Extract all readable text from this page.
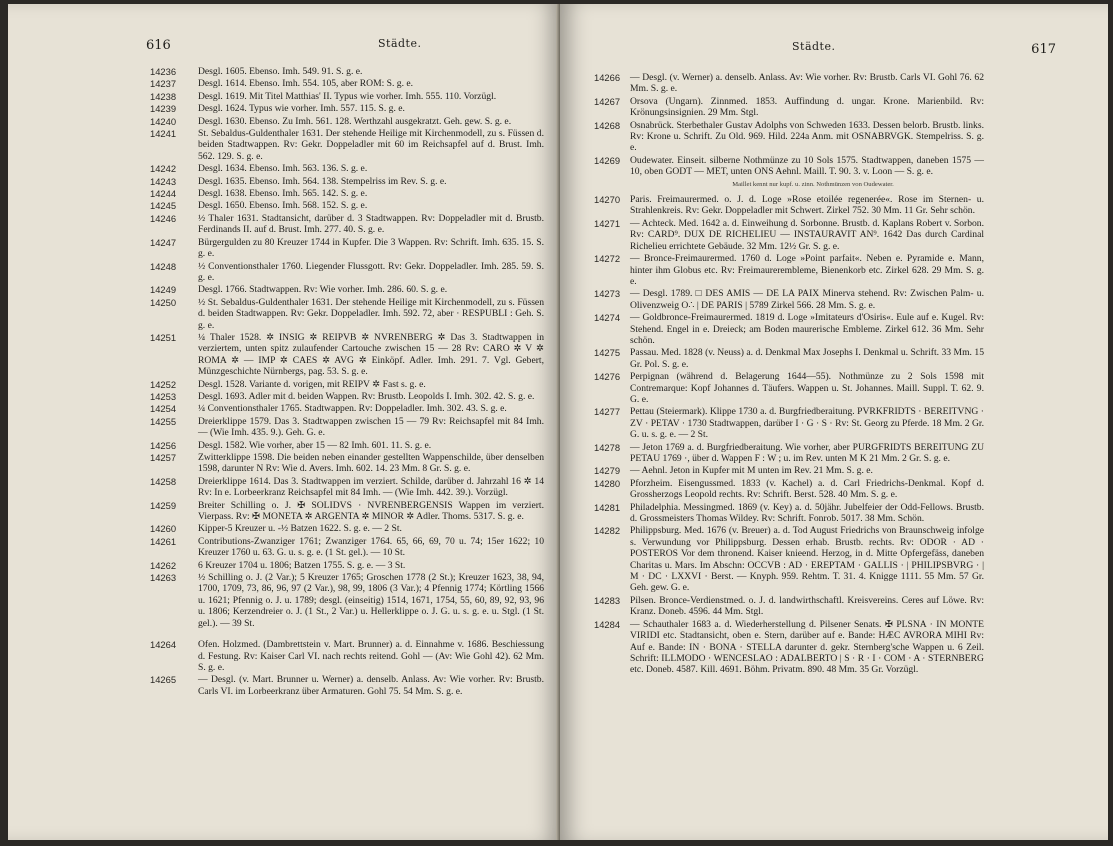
616	Städte.
14236 Desgl. 1605. Ebenso. Imh. 549. 91. S. g. e.
14237 Desgl. 1614. Ebenso. Imh. 554. 105, aber ROM: S. g. e.
14238 Desgl. 1619. Mit Titel Matthias' II. Typus wie vorher. Imh. 555. 110. Vorzügl.
14239 Desgl. 1624. Typus wie vorher. Imh. 557. 115. S. g. e.
14240 Desgl. 1630. Ebenso. Zu Imh. 561. 128. Werthzahl ausgekratzt. Geh. gew. S. g. e.
14241 St. Sebaldus-Guldenthaler 1631. Der stehende Heilige mit Kirchenmodell, zu s. Füssen d. beiden Stadtwappen. Rv: Gekr. Doppeladler mit 60 im Reichsapfel auf d. Brust. Imh. 562. 129. S. g. e.
14242 Desgl. 1634. Ebenso. Imh. 563. 136. S. g. e.
14243 Desgl. 1635. Ebenso. Imh. 564. 138. Stempelriss im Rev. S. g. e.
14244 Desgl. 1638. Ebenso. Imh. 565. 142. S. g. e.
14245 Desgl. 1650. Ebenso. Imh. 568. 152. S. g. e.
14246 ½ Thaler 1631. Stadtansicht, darüber d. 3 Stadtwappen. Rv: Doppeladler mit d. Brustb. Ferdinands II. auf d. Brust. Imh. 277. 40. S. g. e.
14247 Bürgergulden zu 80 Kreuzer 1744 in Kupfer. Die 3 Wappen. Rv: Schrift. Imh. 635. 15. S. g. e.
14248 ½ Conventionsthaler 1760. Liegender Flussgott. Rv: Gekr. Doppeladler. Imh. 285. 59. S. g. e.
14249 Desgl. 1766. Stadtwappen. Rv: Wie vorher. Imh. 286. 60. S. g. e.
14250 ½ St. Sebaldus-Guldenthaler 1631. Der stehende Heilige mit Kirchenmodell, zu s. Füssen d. beiden Stadtwappen. Rv: Gekr. Doppeladler. Imh. 592. 72, aber · RESPUBLI : Geh. S. g. e.
14251 ¼ Thaler 1528. ✲ INSIG ✲ REIPVB ✲ NVRENBERG ✲ Das 3. Stadtwappen in verziertem, unten spitz zulaufender Cartouche zwischen 15 — 28 Rv: CARO ✲ V ✲ ROMA ✲ — IMP ✲ CAES ✲ AVG ✲ Einköpf. Adler. Imh. 291. 7. Vgl. Gebert, Münzgeschichte Nürnbergs, pag. 53. S. g. e.
14252 Desgl. 1528. Variante d. vorigen, mit REIPV ✲ Fast s. g. e.
14253 Desgl. 1693. Adler mit d. beiden Wappen. Rv: Brustb. Leopolds I. Imh. 302. 42. S. g. e.
14254 ¼ Conventionsthaler 1765. Stadtwappen. Rv: Doppeladler. Imh. 302. 43. S. g. e.
14255 Dreierklippe 1579. Das 3. Stadtwappen zwischen 15 — 79 Rv: Reichsapfel mit 84 Imh. — (Wie Imh. 435. 9.). Geh. G. e.
14256 Desgl. 1582. Wie vorher, aber 15 — 82 Imh. 601. 11. S. g. e.
14257 Zwitterklippe 1598. Die beiden neben einander gestellten Wappenschilde, über denselben 1598, darunter N Rv: Wie d. Avers. Imh. 602. 14. 23 Mm. 8 Gr. S. g. e.
14258 Dreierklippe 1614. Das 3. Stadtwappen im verziert. Schilde, darüber d. Jahrzahl 16 ✲ 14 Rv: In e. Lorbeerkranz Reichsapfel mit 84 Imh. — (Wie Imh. 442. 39.). Vorzügl.
14259 Breiter Schilling o. J. ✠ SOLIDVS · NVRENBERGENSIS Wappen im verziert. Vierpass. Rv: ✠ MONETA ✲ ARGENTA ✲ MINOR ✲ Adler. Thoms. 5317. S. g. e.
14260 Kipper-5 Kreuzer u. -½ Batzen 1622. S. g. e. — 2 St.
14261 Contributions-Zwanziger 1761; Zwanziger 1764. 65, 66, 69, 70 u. 74; 15er 1622; 10 Kreuzer 1760 u. 63. G. u. s. g. e. (1 St. gel.). — 10 St.
14262 6 Kreuzer 1704 u. 1806; Batzen 1755. S. g. e. — 3 St.
14263 ½ Schilling o. J. (2 Var.); 5 Kreuzer 1765; Groschen 1778 (2 St.); Kreuzer 1623, 38, 94, 1700, 1709, 73, 86, 96, 97 (2 Var.), 98, 99, 1806 (3 Var.); 4 Pfennig 1774; Körtling 1566 u. 1621; Pfennig o. J. u. 1789; desgl. (einseitig) 1514, 1671, 1754, 55, 60, 89, 92, 93, 96 u. 1806; Kerzendreier o. J. (1 St., 2 Var.) u. Hellerklippe o. J. G. u. s. g. e. u. Stgl. (1 St. gel.). — 39 St.
14264 Ofen. Holzmed. (Dambrettstein v. Mart. Brunner) a. d. Einnahme v. 1686. Beschiessung d. Festung. Rv: Kaiser Carl VI. nach rechts reitend. Gohl — (Av: Wie Gohl 42). 62 Mm. S. g. e.
14265 — Desgl. (v. Mart. Brunner u. Werner) a. denselb. Anlass. Av: Wie vorher. Rv: Brustb. Carls VI. im Lorbeerkranz über Armaturen. Gohl 75. 54 Mm. S. g. e.
Städte.	617
14266 — Desgl. (v. Werner) a. denselb. Anlass. Av: Wie vorher. Rv: Brustb. Carls VI. Gohl 76. 62 Mm. S. g. e.
14267 Orsova (Ungarn). Zinnmed. 1853. Auffindung d. ungar. Krone. Marienbild. Rv: Krönungsinsignien. 29 Mm. Stgl.
14268 Osnabrück. Sterbethaler Gustav Adolphs von Schweden 1633. Dessen belorb. Brustb. links. Rv: Krone u. Schrift. Zu Old. 969. Hild. 224a Anm. mit OSNABRVGK. Stempelriss. S. g. e.
14269 Oudewater. Einseit. silberne Nothmünze zu 10 Sols 1575. Stadtwappen, daneben 1575 — 10, oben GODT — MET, unten ONS Aehnl. Maill. T. 90. 3. v. Loon — S. g. e.
Maillet kennt nur kupf. u. zinn. Nothmünzen von Oudewater.
14270 Paris. Freimaurermed. o. J. d. Loge »Rose etoilée regenerée«. Rose im Sternen- u. Strahlenkreis. Rv: Gekr. Doppeladler mit Schwert. Zirkel 752. 30 Mm. 11 Gr. Sehr schön.
14271 — Achteck. Med. 1642 a. d. Einweihung d. Sorbonne. Brustb. d. Kaplans Robert v. Sorbon. Rv: CARD⁹. DUX DE RICHELIEU — INSTAURAVIT AN⁹. 1642 Das durch Cardinal Richelieu errichtete Gebäude. 32 Mm. 12½ Gr. S. g. e.
14272 — Bronce-Freimaurermed. 1760 d. Loge »Point parfait«. Neben e. Pyramide e. Mann, hinter ihm Globus etc. Rv: Freimaurerembleme, Bienenkorb etc. Zirkel 628. 29 Mm. S. g. e.
14273 — Desgl. 1789. □ DES AMIS — DE LA PAIX Minerva stehend. Rv: Zwischen Palm- u. Olivenzweig O∴ | DE PARIS | 5789 Zirkel 566. 28 Mm. S. g. e.
14274 — Goldbronce-Freimaurermed. 1819 d. Loge »Imitateurs d'Osiris«. Eule auf e. Kugel. Rv: Stehend. Engel in e. Dreieck; am Boden maurerische Embleme. Zirkel 612. 36 Mm. Sehr schön.
14275 Passau. Med. 1828 (v. Neuss) a. d. Denkmal Max Josephs I. Denkmal u. Schrift. 33 Mm. 15 Gr. Pol. S. g. e.
14276 Perpignan (während d. Belagerung 1644—55). Nothmünze zu 2 Sols 1598 mit Contremarque: Kopf Johannes d. Täufers. Wappen u. St. Johannes. Maill. Suppl. T. 62. 9. G. e.
14277 Pettau (Steiermark). Klippe 1730 a. d. Burgfriedberaitung. PVRKFRIDTS · BEREITVNG · ZV · PETAV · 1730 Stadtwappen, darüber I · G · S · Rv: St. Georg zu Pferde. 18 Mm. 2 Gr. G. u. s. g. e. — 2 St.
14278 — Jeton 1769 a. d. Burgfriedberaitung. Wie vorher, aber PURGFRIDTS BEREITUNG ZU PETAU 1769 ·, über d. Wappen F : W ; u. im Rev. unten M K 21 Mm. 2 Gr. S. g. e.
14279 — Aehnl. Jeton in Kupfer mit M unten im Rev. 21 Mm. S. g. e.
14280 Pforzheim. Eisengussmed. 1833 (v. Kachel) a. d. Carl Friedrichs-Denkmal. Kopf d. Grossherzogs Leopold rechts. Rv: Schrift. Berst. 528. 40 Mm. S. g. e.
14281 Philadelphia. Messingmed. 1869 (v. Key) a. d. 50jähr. Jubelfeier der Odd-Fellows. Brustb. d. Grossmeisters Thomas Wildey. Rv: Schrift. Fonrob. 5017. 38 Mm. Schön.
14282 Philippsburg. Med. 1676 (v. Breuer) a. d. Tod August Friedrichs von Braunschweig infolge s. Verwundung vor Philippsburg. Dessen erhab. Brustb. rechts. Rv: ODOR · AD · POSTEROS Vor dem thronend. Kaiser knieend. Herzog, in d. Mitte Opfergefäss, daneben Charitas u. Mars. Im Abschn: OCCVB : AD · EREPTAM · GALLIS · | PHILIPSBVRG · | M · DC · LXXVI · Berst. — Knyph. 959. Rehtm. T. 31. 4. Knigge 1111. 55 Mm. 57 Gr. Geh. gew. G. e.
14283 Pilsen. Bronce-Verdienstmed. o. J. d. landwirthschaftl. Kreisvereins. Ceres auf Löwe. Rv: Kranz. Doneb. 4596. 44 Mm. Stgl.
14284 — Schauthaler 1683 a. d. Wiederherstellung d. Pilsener Senats. ✠ PLSNA · IN MONTE VIRIDI etc. Stadtansicht, oben e. Stern, darüber auf e. Bande: HÆC AVRORA MIHI Rv: Auf e. Bande: IN · BONA · STELLA darunter d. gekr. Sternberg'sche Wappen u. 6 Zeil. Schrift: ILLMODO · WENCESLAO : ADALBERTO | S · R · I · COM · A · STERNBERG etc. Doneb. 4587. Kill. 4691. Böhm. Privatm. 890. 48 Mm. 35 Gr. Vorzügl.
